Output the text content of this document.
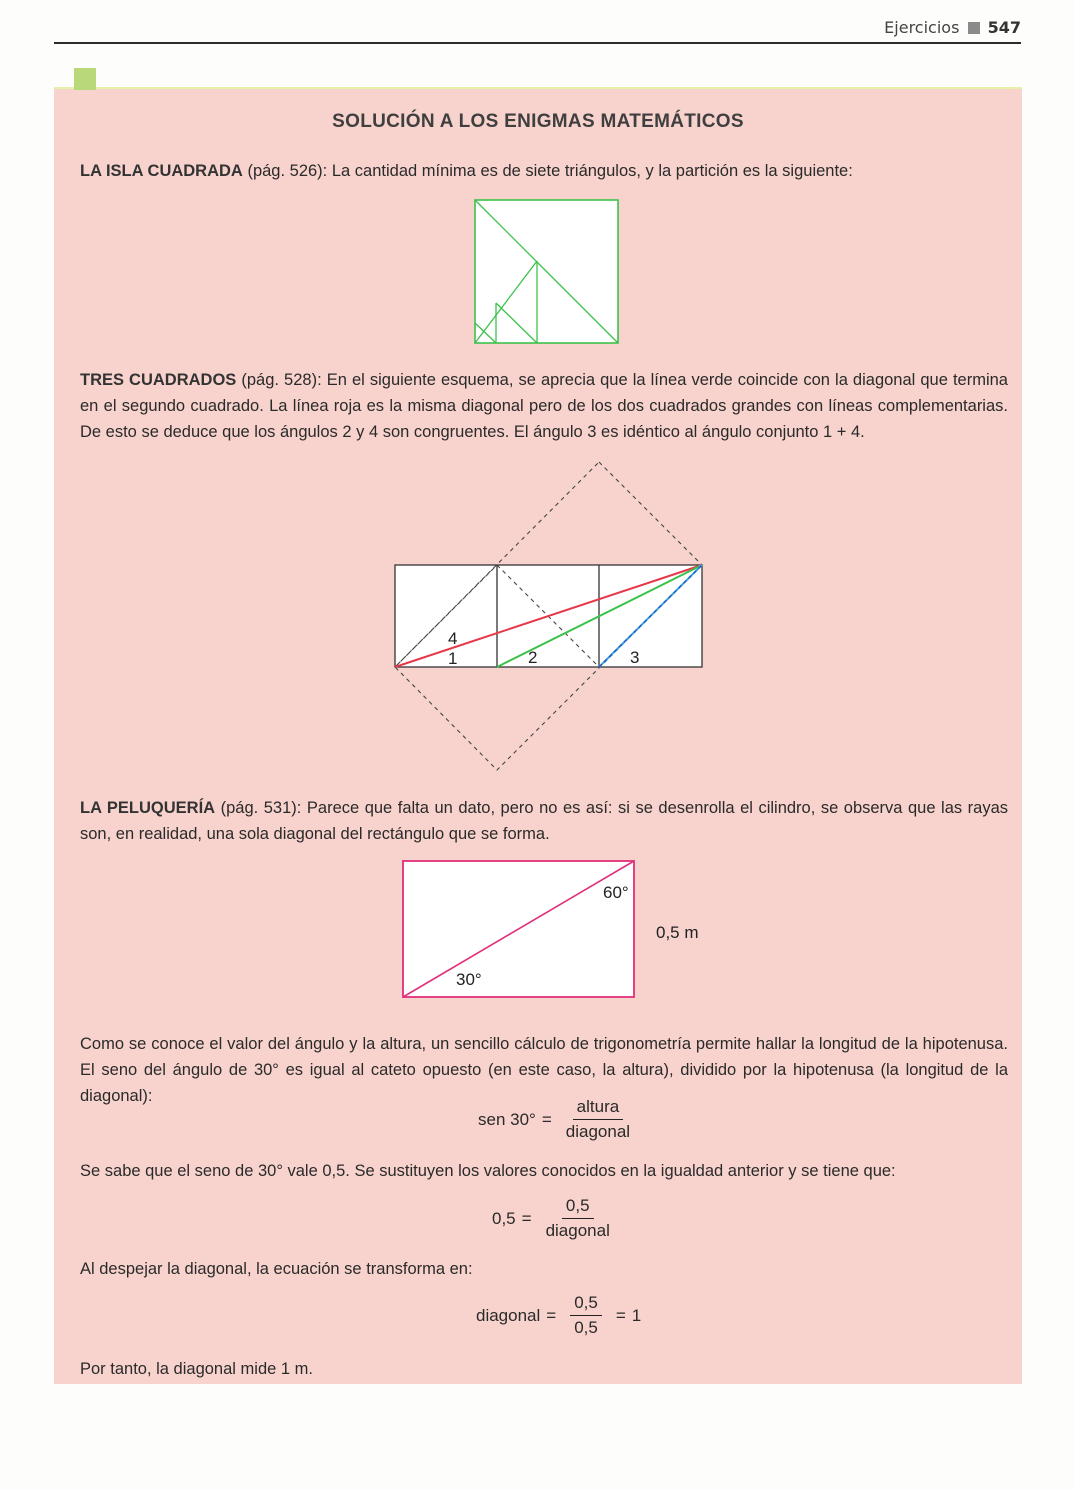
Ejercicios 547
SOLUCIÓN A LOS ENIGMAS MATEMÁTICOS
LA ISLA CUADRADA (pág. 526): La cantidad mínima es de siete triángulos, y la partición es la siguiente:
TRES CUADRADOS (pág. 528): En el siguiente esquema, se aprecia que la línea verde coincide con la diagonal que termina en el segundo cuadrado. La línea roja es la misma diagonal pero de los dos cuadrados grandes con líneas complementarias. De esto se deduce que los ángulos 2 y 4 son congruentes. El ángulo 3 es idéntico al ángulo conjunto 1 + 4.
4
1	2	3
LA PELUQUERÍA (pág. 531): Parece que falta un dato, pero no es así: si se desenrolla el cilindro, se observa que las rayas son, en realidad, una sola diagonal del rectángulo que se forma.
60°
30°
0,5 m
Como se conoce el valor del ángulo y la altura, un sencillo cálculo de trigonometría permite hallar la longitud de la hipotenusa. El seno del ángulo de 30° es igual al cateto opuesto (en este caso, la altura), dividido por la hipotenusa (la longitud de la diagonal):
sen $30^\circ = \frac{\text{altura}}{\text{diagonal}}$
Se sabe que el seno de 30° vale 0,5. Se sustituyen los valores conocidos en la igualdad anterior y se tiene que:
$0,5 = \frac{0,5}{\text{diagonal}}$
Al despejar la diagonal, la ecuación se transforma en:
diagonal = $\frac{0,5}{0,5} = 1$
Por tanto, la diagonal mide 1 m.
